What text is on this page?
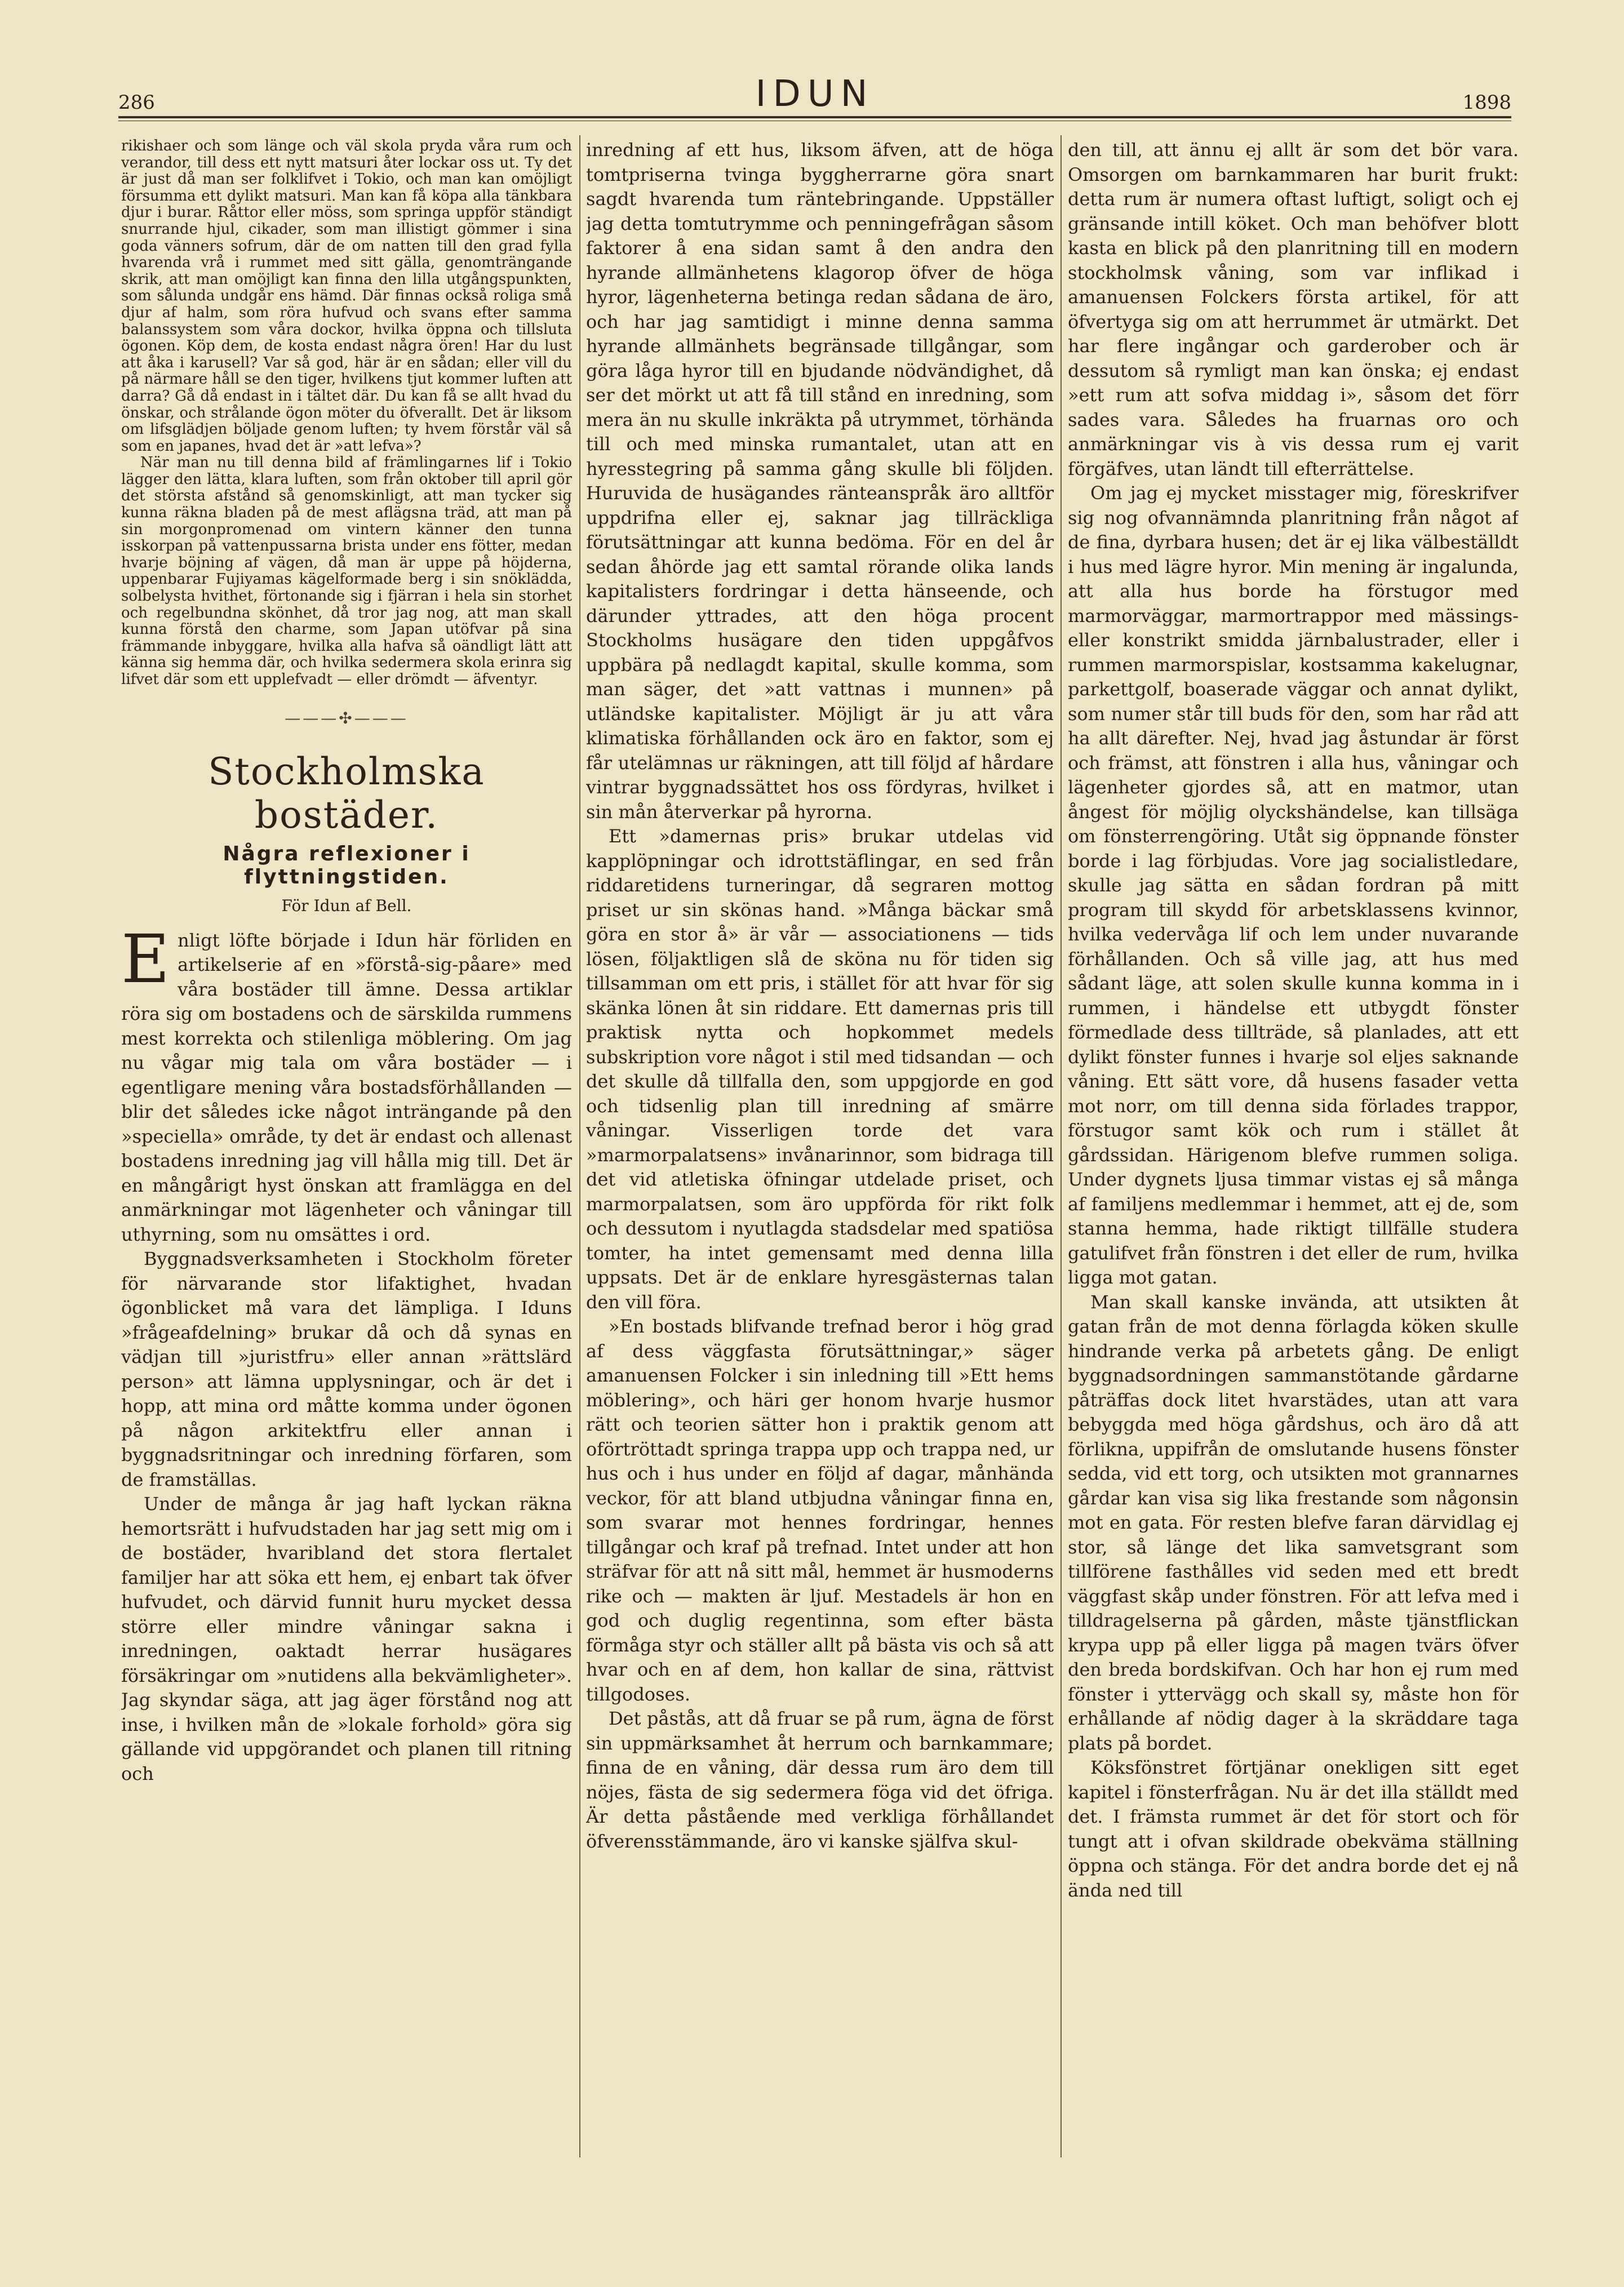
286	IDUN	1898

rikishaer och som länge och väl skola pryda våra rum och verandor, till dess ett nytt matsuri åter lockar oss ut. Ty det är just då man ser folklifvet i Tokio, och man kan omöjligt försumma ett dylikt matsuri. Man kan få köpa alla tänkbara djur i burar. Råttor eller möss, som springa uppför ständigt snurrande hjul, cikader, som man illistigt gömmer i sina goda vänners sofrum, där de om natten till den grad fylla hvarenda vrå i rummet med sitt gälla, genomträngande skrik, att man omöjligt kan finna den lilla utgångspunkten, som sålunda undgår ens hämd. Där finnas också roliga små djur af halm, som röra hufvud och svans efter samma balanssystem som våra dockor, hvilka öppna och tillsluta ögonen. Köp dem, de kosta endast några ören! Har du lust att åka i karusell? Var så god, här är en sådan; eller vill du på närmare håll se den tiger, hvilkens tjut kommer luften att darra? Gå då endast in i tältet där. Du kan få se allt hvad du önskar, och strålande ögon möter du öfverallt. Det är liksom om lifsglädjen böljade genom luften; ty hvem förstår väl så som en japanes, hvad det är »att lefva»?

När man nu till denna bild af främlingarnes lif i Tokio lägger den lätta, klara luften, som från oktober till april gör det största afstånd så genomskinligt, att man tycker sig kunna räkna bladen på de mest aflägsna träd, att man på sin morgonpromenad om vintern känner den tunna isskorpan på vattenpussarna brista under ens fötter, medan hvarje böjning af vägen, då man är uppe på höjderna, uppenbarar Fujiyamas kägelformade berg i sin snöklädda, solbelysta hvithet, förtonande sig i fjärran i hela sin storhet och regelbundna skönhet, då tror jag nog, att man skall kunna förstå den charme, som Japan utöfvar på sina främmande inbyggare, hvilka alla hafva så oändligt lätt att känna sig hemma där, och hvilka sedermera skola erinra sig lifvet där som ett upplefvadt — eller drömdt — äfventyr.

———✣———
Stockholmska bostäder.
Några reflexioner i flyttningstiden.
För Idun af Bell.

Enligt löfte började i Idun här förliden en artikelserie af en »förstå-sig-påare» med våra bostäder till ämne. Dessa artiklar röra sig om bostadens och de särskilda rummens mest korrekta och stilenliga möblering. Om jag nu vågar mig tala om våra bostäder — i egentligare mening våra bostadsförhållanden — blir det således icke något inträngande på den »speciella» område, ty det är endast och allenast bostadens inredning jag vill hålla mig till. Det är en mångårigt hyst önskan att framlägga en del anmärkningar mot lägenheter och våningar till uthyrning, som nu omsättes i ord.

Byggnadsverksamheten i Stockholm företer för närvarande stor lifaktighet, hvadan ögonblicket må vara det lämpliga. I Iduns »frågeafdelning» brukar då och då synas en vädjan till »juristfru» eller annan »rättslärd person» att lämna upplysningar, och är det i hopp, att mina ord måtte komma under ögonen på någon arkitektfru eller annan i byggnadsritningar och inredning förfaren, som de framställas.

Under de många år jag haft lyckan räkna hemortsrätt i hufvudstaden har jag sett mig om i de bostäder, hvaribland det stora flertalet familjer har att söka ett hem, ej enbart tak öfver hufvudet, och därvid funnit huru mycket dessa större eller mindre våningar sakna i inredningen, oaktadt herrar husägares försäkringar om »nutidens alla bekvämligheter». Jag skyndar säga, att jag äger förstånd nog att inse, i hvilken mån de »lokale forhold» göra sig gällande vid uppgörandet och planen till ritning och

inredning af ett hus, liksom äfven, att de höga tomtpriserna tvinga byggherrarne göra snart sagdt hvarenda tum räntebringande. Uppställer jag detta tomtutrymme och penningefrågan såsom faktorer å ena sidan samt å den andra den hyrande allmänhetens klagorop öfver de höga hyror, lägenheterna betinga redan sådana de äro, och har jag samtidigt i minne denna samma hyrande allmänhets begränsade tillgångar, som göra låga hyror till en bjudande nödvändighet, då ser det mörkt ut att få till stånd en inredning, som mera än nu skulle inkräkta på utrymmet, törhända till och med minska rumantalet, utan att en hyresstegring på samma gång skulle bli följden. Huruvida de husägandes ränteanspråk äro alltför uppdrifna eller ej, saknar jag tillräckliga förutsättningar att kunna bedöma. För en del år sedan åhörde jag ett samtal rörande olika lands kapitalisters fordringar i detta hänseende, och därunder yttrades, att den höga procent Stockholms husägare den tiden uppgåfvos uppbära på nedlagdt kapital, skulle komma, som man säger, det »att vattnas i munnen» på utländske kapitalister. Möjligt är ju att våra klimatiska förhållanden ock äro en faktor, som ej får utelämnas ur räkningen, att till följd af hårdare vintrar byggnadssättet hos oss fördyras, hvilket i sin mån återverkar på hyrorna.

Ett »damernas pris» brukar utdelas vid kapplöpningar och idrottstäflingar, en sed från riddaretidens turneringar, då segraren mottog priset ur sin skönas hand. »Många bäckar små göra en stor å» är vår — associationens — tids lösen, följaktligen slå de sköna nu för tiden sig tillsamman om ett pris, i stället för att hvar för sig skänka lönen åt sin riddare. Ett damernas pris till praktisk nytta och hopkommet medels subskription vore något i stil med tidsandan — och det skulle då tillfalla den, som uppgjorde en god och tidsenlig plan till inredning af smärre våningar. Visserligen torde det vara »marmorpalatsens» invånarinnor, som bidraga till det vid atletiska öfningar utdelade priset, och marmorpalatsen, som äro uppförda för rikt folk och dessutom i nyutlagda stadsdelar med spatiösa tomter, ha intet gemensamt med denna lilla uppsats. Det är de enklare hyresgästernas talan den vill föra.

»En bostads blifvande trefnad beror i hög grad af dess väggfasta förutsättningar,» säger amanuensen Folcker i sin inledning till »Ett hems möblering», och häri ger honom hvarje husmor rätt och teorien sätter hon i praktik genom att oförtröttadt springa trappa upp och trappa ned, ur hus och i hus under en följd af dagar, månhända veckor, för att bland utbjudna våningar finna en, som svarar mot hennes fordringar, hennes tillgångar och kraf på trefnad. Intet under att hon sträfvar för att nå sitt mål, hemmet är husmoderns rike och — makten är ljuf. Mestadels är hon en god och duglig regentinna, som efter bästa förmåga styr och ställer allt på bästa vis och så att hvar och en af dem, hon kallar de sina, rättvist tillgodoses.

Det påstås, att då fruar se på rum, ägna de först sin uppmärksamhet åt herrum och barnkammare; finna de en våning, där dessa rum äro dem till nöjes, fästa de sig sedermera föga vid det öfriga. Är detta påstående med verkliga förhållandet öfverensstämmande, äro vi kanske själfva skul-

den till, att ännu ej allt är som det bör vara. Omsorgen om barnkammaren har burit frukt: detta rum är numera oftast luftigt, soligt och ej gränsande intill köket. Och man behöfver blott kasta en blick på den planritning till en modern stockholmsk våning, som var inflikad i amanuensen Folckers första artikel, för att öfvertyga sig om att herrummet är utmärkt. Det har flere ingångar och garderober och är dessutom så rymligt man kan önska; ej endast »ett rum att sofva middag i», såsom det förr sades vara. Således ha fruarnas oro och anmärkningar vis à vis dessa rum ej varit förgäfves, utan ländt till efterrättelse.

Om jag ej mycket misstager mig, föreskrifver sig nog ofvannämnda planritning från något af de fina, dyrbara husen; det är ej lika välbeställdt i hus med lägre hyror. Min mening är ingalunda, att alla hus borde ha förstugor med marmorväggar, marmortrappor med mässings- eller konstrikt smidda järnbalustrader, eller i rummen marmorspislar, kostsamma kakelugnar, parkettgolf, boaserade väggar och annat dylikt, som numer står till buds för den, som har råd att ha allt därefter. Nej, hvad jag åstundar är först och främst, att fönstren i alla hus, våningar och lägenheter gjordes så, att en matmor, utan ångest för möjlig olyckshändelse, kan tillsäga om fönsterrengöring. Utåt sig öppnande fönster borde i lag förbjudas. Vore jag socialistledare, skulle jag sätta en sådan fordran på mitt program till skydd för arbetsklassens kvinnor, hvilka vedervåga lif och lem under nuvarande förhållanden. Och så ville jag, att hus med sådant läge, att solen skulle kunna komma in i rummen, i händelse ett utbygdt fönster förmedlade dess tillträde, så planlades, att ett dylikt fönster funnes i hvarje sol eljes saknande våning. Ett sätt vore, då husens fasader vetta mot norr, om till denna sida förlades trappor, förstugor samt kök och rum i stället åt gårdssidan. Härigenom blefve rummen soliga. Under dygnets ljusa timmar vistas ej så många af familjens medlemmar i hemmet, att ej de, som stanna hemma, hade riktigt tillfälle studera gatulifvet från fönstren i det eller de rum, hvilka ligga mot gatan.

Man skall kanske invända, att utsikten åt gatan från de mot denna förlagda köken skulle hindrande verka på arbetets gång. De enligt byggnadsordningen sammanstötande gårdarne påträffas dock litet hvarstädes, utan att vara bebyggda med höga gårdshus, och äro då att förlikna, uppifrån de omslutande husens fönster sedda, vid ett torg, och utsikten mot grannarnes gårdar kan visa sig lika frestande som någonsin mot en gata. För resten blefve faran därvidlag ej stor, så länge det lika samvetsgrant som tillförene fasthålles vid seden med ett bredt väggfast skåp under fönstren. För att lefva med i tilldragelserna på gården, måste tjänstflickan krypa upp på eller ligga på magen tvärs öfver den breda bordskifvan. Och har hon ej rum med fönster i yttervägg och skall sy, måste hon för erhållande af nödig dager à la skräddare taga plats på bordet.

Köksfönstret förtjänar onekligen sitt eget kapitel i fönsterfrågan. Nu är det illa ställdt med det. I främsta rummet är det för stort och för tungt att i ofvan skildrade obekväma ställning öppna och stänga. För det andra borde det ej nå ända ned till
